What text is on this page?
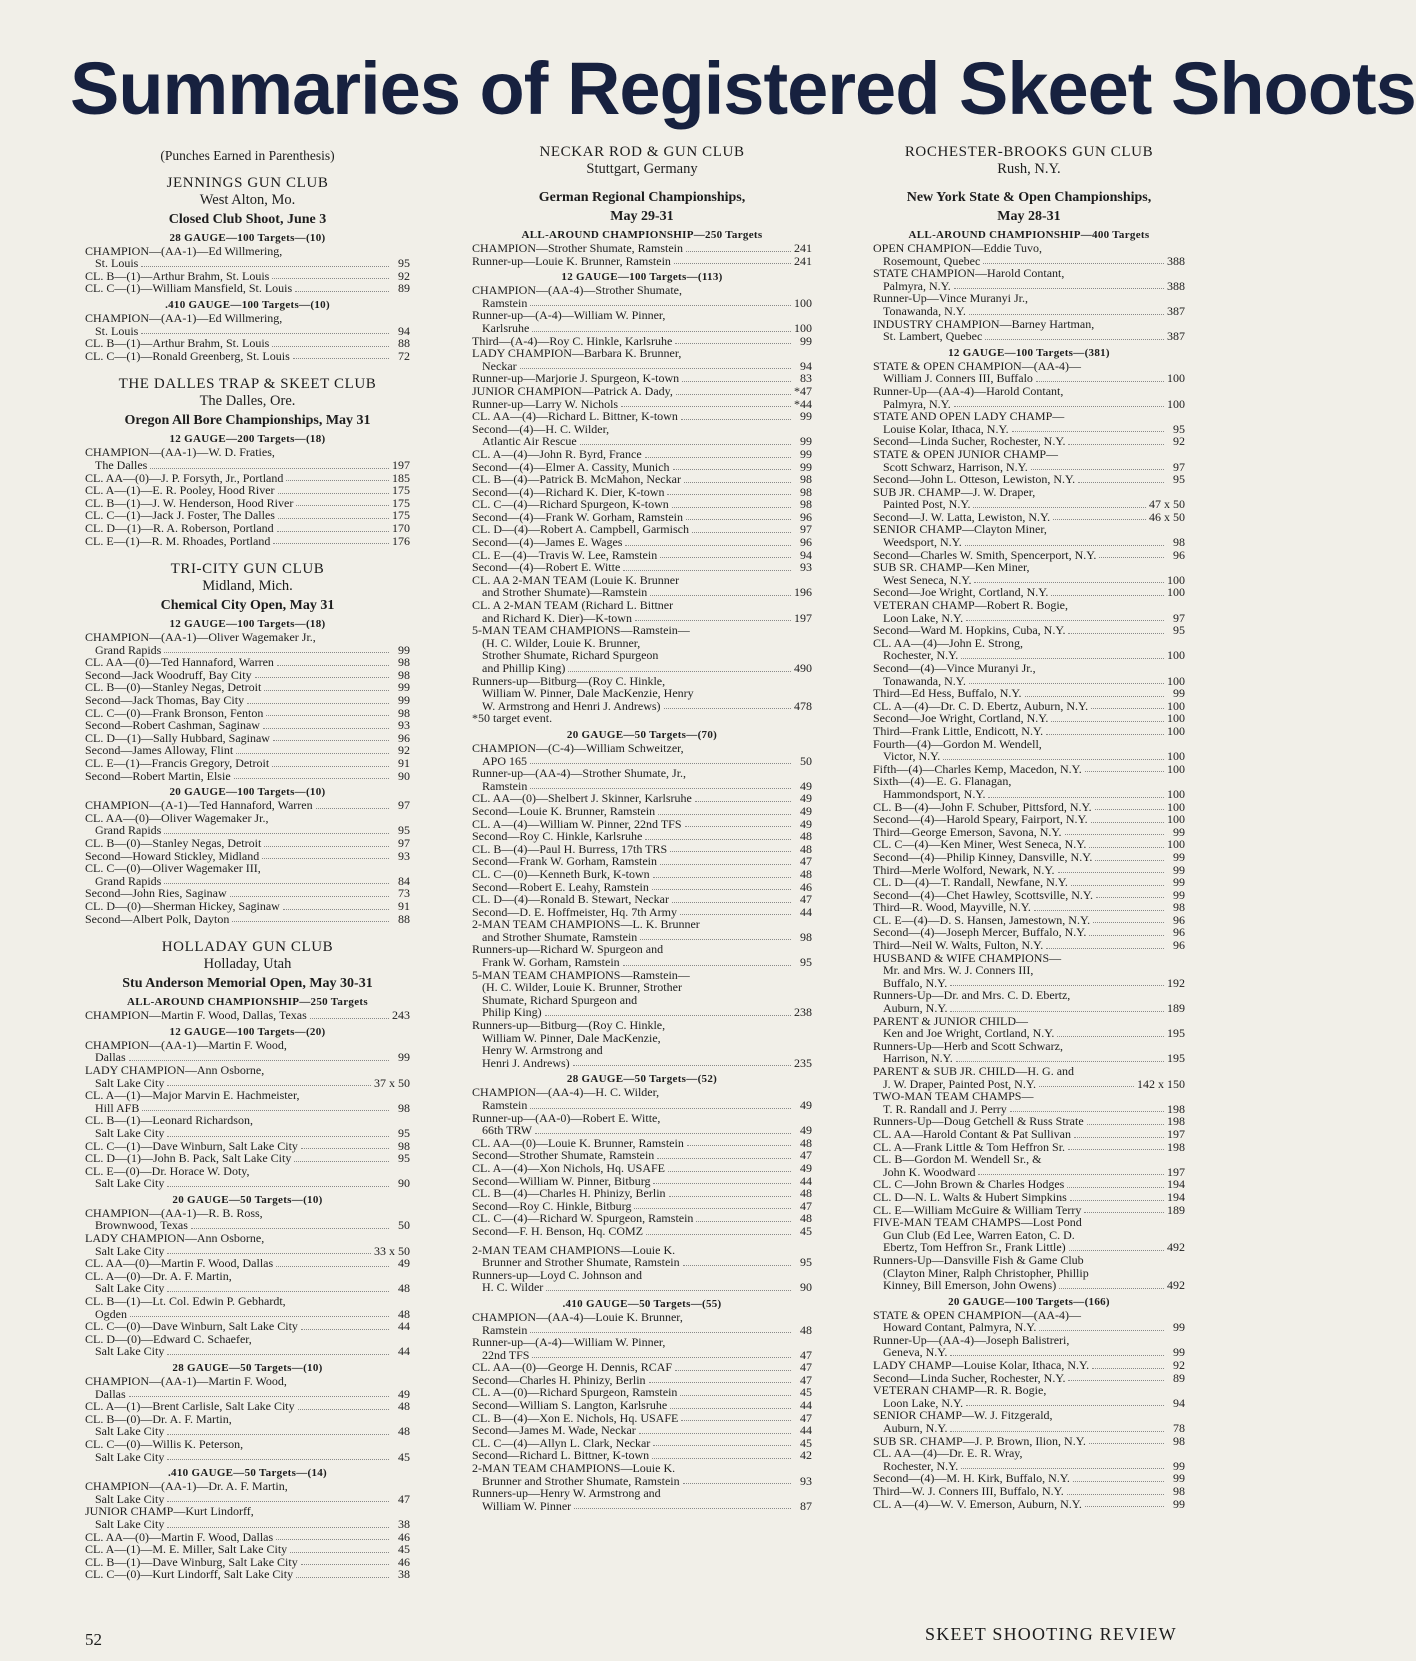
Summaries of Registered Skeet Shoots
(Punches Earned in Parenthesis)
JENNINGS GUN CLUB
West Alton, Mo.
Closed Club Shoot, June 3
28 GAUGE—100 Targets—(10)
CHAMPION—(AA-1)—Ed Willmering,
St. Louis	95
CL. B—(1)—Arthur Brahm, St. Louis	92
CL. C—(1)—William Mansfield, St. Louis	89
.410 GAUGE—100 Targets—(10)
CHAMPION—(AA-1)—Ed Willmering,
St. Louis	94
CL. B—(1)—Arthur Brahm, St. Louis	88
CL. C—(1)—Ronald Greenberg, St. Louis	72
THE DALLES TRAP & SKEET CLUB
The Dalles, Ore.
Oregon All Bore Championships, May 31
12 GAUGE—200 Targets—(18)
CHAMPION—(AA-1)—W. D. Fraties,
The Dalles	197
CL. AA—(0)—J. P. Forsyth, Jr., Portland	185
CL. A—(1)—E. R. Pooley, Hood River	175
CL. B—(1)—J. W. Henderson, Hood River	175
CL. C—(1)—Jack J. Foster, The Dalles	175
CL. D—(1)—R. A. Roberson, Portland	170
CL. E—(1)—R. M. Rhoades, Portland	176
TRI-CITY GUN CLUB
Midland, Mich.
Chemical City Open, May 31
12 GAUGE—100 Targets—(18)
CHAMPION—(AA-1)—Oliver Wagemaker Jr.,
Grand Rapids	99
CL. AA—(0)—Ted Hannaford, Warren	98
Second—Jack Woodruff, Bay City	98
CL. B—(0)—Stanley Negas, Detroit	99
Second—Jack Thomas, Bay City	99
CL. C—(0)—Frank Bronson, Fenton	98
Second—Robert Cashman, Saginaw	93
CL. D—(1)—Sally Hubbard, Saginaw	96
Second—James Alloway, Flint	92
CL. E—(1)—Francis Gregory, Detroit	91
Second—Robert Martin, Elsie	90
20 GAUGE—100 Targets—(10)
CHAMPION—(A-1)—Ted Hannaford, Warren	97
CL. AA—(0)—Oliver Wagemaker Jr.,
Grand Rapids	95
CL. B—(0)—Stanley Negas, Detroit	97
Second—Howard Stickley, Midland	93
CL. C—(0)—Oliver Wagemaker III,
Grand Rapids	84
Second—John Ries, Saginaw	73
CL. D—(0)—Sherman Hickey, Saginaw	91
Second—Albert Polk, Dayton	88
HOLLADAY GUN CLUB
Holladay, Utah
Stu Anderson Memorial Open, May 30-31
ALL-AROUND CHAMPIONSHIP—250 Targets
CHAMPION—Martin F. Wood, Dallas, Texas	243
12 GAUGE—100 Targets—(20)
CHAMPION—(AA-1)—Martin F. Wood,
Dallas	99
LADY CHAMPION—Ann Osborne,
Salt Lake City	37 x 50
CL. A—(1)—Major Marvin E. Hachmeister,
Hill AFB	98
CL. B—(1)—Leonard Richardson,
Salt Lake City	95
CL. C—(1)—Dave Winburn, Salt Lake City	98
CL. D—(1)—John B. Pack, Salt Lake City	95
CL. E—(0)—Dr. Horace W. Doty,
Salt Lake City	90
20 GAUGE—50 Targets—(10)
CHAMPION—(AA-1)—R. B. Ross,
Brownwood, Texas	50
LADY CHAMPION—Ann Osborne,
Salt Lake City	33 x 50
CL. AA—(0)—Martin F. Wood, Dallas	49
CL. A—(0)—Dr. A. F. Martin,
Salt Lake City	48
CL. B—(1)—Lt. Col. Edwin P. Gebhardt,
Ogden	48
CL. C—(0)—Dave Winburn, Salt Lake City	44
CL. D—(0)—Edward C. Schaefer,
Salt Lake City	44
28 GAUGE—50 Targets—(10)
CHAMPION—(AA-1)—Martin F. Wood,
Dallas	49
CL. A—(1)—Brent Carlisle, Salt Lake City	48
CL. B—(0)—Dr. A. F. Martin,
Salt Lake City	48
CL. C—(0)—Willis K. Peterson,
Salt Lake City	45
.410 GAUGE—50 Targets—(14)
CHAMPION—(AA-1)—Dr. A. F. Martin,
Salt Lake City	47
JUNIOR CHAMP—Kurt Lindorff,
Salt Lake City	38
CL. AA—(0)—Martin F. Wood, Dallas	46
CL. A—(1)—M. E. Miller, Salt Lake City	45
CL. B—(1)—Dave Winburg, Salt Lake City	46
CL. C—(0)—Kurt Lindorff, Salt Lake City	38
NECKAR ROD & GUN CLUB
Stuttgart, Germany
German Regional Championships,
May 29-31
ALL-AROUND CHAMPIONSHIP—250 Targets
CHAMPION—Strother Shumate, Ramstein	241
Runner-up—Louie K. Brunner, Ramstein	241
12 GAUGE—100 Targets—(113)
CHAMPION—(AA-4)—Strother Shumate,
Ramstein	100
Runner-up—(A-4)—William W. Pinner,
Karlsruhe	100
Third—(A-4)—Roy C. Hinkle, Karlsruhe	99
LADY CHAMPION—Barbara K. Brunner,
Neckar	94
Runner-up—Marjorie J. Spurgeon, K-town	83
JUNIOR CHAMPION—Patrick A. Dady,	*47
Runner-up—Larry W. Nichols	*44
CL. AA—(4)—Richard L. Bittner, K-town	99
Second—(4)—H. C. Wilder,
Atlantic Air Rescue	99
CL. A—(4)—John R. Byrd, France	99
Second—(4)—Elmer A. Cassity, Munich	99
CL. B—(4)—Patrick B. McMahon, Neckar	98
Second—(4)—Richard K. Dier, K-town	98
CL. C—(4)—Richard Spurgeon, K-town	98
Second—(4)—Frank W. Gorham, Ramstein	96
CL. D—(4)—Robert A. Campbell, Garmisch	97
Second—(4)—James E. Wages	96
CL. E—(4)—Travis W. Lee, Ramstein	94
Second—(4)—Robert E. Witte	93
CL. AA 2-MAN TEAM (Louie K. Brunner
and Strother Shumate)—Ramstein	196
CL. A 2-MAN TEAM (Richard L. Bittner
and Richard K. Dier)—K-town	197
5-MAN TEAM CHAMPIONS—Ramstein—
(H. C. Wilder, Louie K. Brunner,
Strother Shumate, Richard Spurgeon
and Phillip King)	490
Runners-up—Bitburg—(Roy C. Hinkle,
William W. Pinner, Dale MacKenzie, Henry
W. Armstrong and Henri J. Andrews)	478
*50 target event.
20 GAUGE—50 Targets—(70)
CHAMPION—(C-4)—William Schweitzer,
APO 165	50
Runner-up—(AA-4)—Strother Shumate, Jr.,
Ramstein	49
CL. AA—(0)—Shelbert J. Skinner, Karlsruhe	49
Second—Louie K. Brunner, Ramstein	49
CL. A—(4)—William W. Pinner, 22nd TFS	49
Second—Roy C. Hinkle, Karlsruhe	48
CL. B—(4)—Paul H. Burress, 17th TRS	48
Second—Frank W. Gorham, Ramstein	47
CL. C—(0)—Kenneth Burk, K-town	48
Second—Robert E. Leahy, Ramstein	46
CL. D—(4)—Ronald B. Stewart, Neckar	47
Second—D. E. Hoffmeister, Hq. 7th Army	44
2-MAN TEAM CHAMPIONS—L. K. Brunner
and Strother Shumate, Ramstein	98
Runners-up—Richard W. Spurgeon and
Frank W. Gorham, Ramstein	95
5-MAN TEAM CHAMPIONS—Ramstein—
(H. C. Wilder, Louie K. Brunner, Strother
Shumate, Richard Spurgeon and
Philip King)	238
Runners-up—Bitburg—(Roy C. Hinkle,
William W. Pinner, Dale MacKenzie,
Henry W. Armstrong and
Henri J. Andrews)	235
28 GAUGE—50 Targets—(52)
CHAMPION—(AA-4)—H. C. Wilder,
Ramstein	49
Runner-up—(AA-0)—Robert E. Witte,
66th TRW	49
CL. AA—(0)—Louie K. Brunner, Ramstein	48
Second—Strother Shumate, Ramstein	47
CL. A—(4)—Xon Nichols, Hq. USAFE	49
Second—William W. Pinner, Bitburg	44
CL. B—(4)—Charles H. Phinizy, Berlin	48
Second—Roy C. Hinkle, Bitburg	47
CL. C—(4)—Richard W. Spurgeon, Ramstein	48
Second—F. H. Benson, Hq. COMZ	45
2-MAN TEAM CHAMPIONS—Louie K.
Brunner and Strother Shumate, Ramstein	95
Runners-up—Loyd C. Johnson and
H. C. Wilder	90
.410 GAUGE—50 Targets—(55)
CHAMPION—(AA-4)—Louie K. Brunner,
Ramstein	48
Runner-up—(A-4)—William W. Pinner,
22nd TFS	47
CL. AA—(0)—George H. Dennis, RCAF	47
Second—Charles H. Phinizy, Berlin	47
CL. A—(0)—Richard Spurgeon, Ramstein	45
Second—William S. Langton, Karlsruhe	44
CL. B—(4)—Xon E. Nichols, Hq. USAFE	47
Second—James M. Wade, Neckar	44
CL. C—(4)—Allyn L. Clark, Neckar	45
Second—Richard L. Bittner, K-town	42
2-MAN TEAM CHAMPIONS—Louie K.
Brunner and Strother Shumate, Ramstein	93
Runners-up—Henry W. Armstrong and
William W. Pinner	87
ROCHESTER-BROOKS GUN CLUB
Rush, N.Y.
New York State & Open Championships,
May 28-31
ALL-AROUND CHAMPIONSHIP—400 Targets
OPEN CHAMPION—Eddie Tuvo,
Rosemount, Quebec	388
STATE CHAMPION—Harold Contant,
Palmyra, N.Y.	388
Runner-Up—Vince Muranyi Jr.,
Tonawanda, N.Y.	387
INDUSTRY CHAMPION—Barney Hartman,
St. Lambert, Quebec	387
12 GAUGE—100 Targets—(381)
STATE & OPEN CHAMPION—(AA-4)—
William J. Conners III, Buffalo	100
Runner-Up—(AA-4)—Harold Contant,
Palmyra, N.Y.	100
STATE AND OPEN LADY CHAMP—
Louise Kolar, Ithaca, N.Y.	95
Second—Linda Sucher, Rochester, N.Y.	92
STATE & OPEN JUNIOR CHAMP—
Scott Schwarz, Harrison, N.Y.	97
Second—John L. Otteson, Lewiston, N.Y.	95
SUB JR. CHAMP—J. W. Draper,
Painted Post, N.Y.	47 x 50
Second—J. W. Latta, Lewiston, N.Y.	46 x 50
SENIOR CHAMP—Clayton Miner,
Weedsport, N.Y.	98
Second—Charles W. Smith, Spencerport, N.Y.	96
SUB SR. CHAMP—Ken Miner,
West Seneca, N.Y.	100
Second—Joe Wright, Cortland, N.Y.	100
VETERAN CHAMP—Robert R. Bogie,
Loon Lake, N.Y.	97
Second—Ward M. Hopkins, Cuba, N.Y.	95
CL. AA—(4)—John E. Strong,
Rochester, N.Y.	100
Second—(4)—Vince Muranyi Jr.,
Tonawanda, N.Y.	100
Third—Ed Hess, Buffalo, N.Y.	99
CL. A—(4)—Dr. C. D. Ebertz, Auburn, N.Y.	100
Second—Joe Wright, Cortland, N.Y.	100
Third—Frank Little, Endicott, N.Y.	100
Fourth—(4)—Gordon M. Wendell,
Victor, N.Y.	100
Fifth—(4)—Charles Kemp, Macedon, N.Y.	100
Sixth—(4)—E. G. Flanagan,
Hammondsport, N.Y.	100
CL. B—(4)—John F. Schuber, Pittsford, N.Y.	100
Second—(4)—Harold Speary, Fairport, N.Y.	100
Third—George Emerson, Savona, N.Y.	99
CL. C—(4)—Ken Miner, West Seneca, N.Y.	100
Second—(4)—Philip Kinney, Dansville, N.Y.	99
Third—Merle Wolford, Newark, N.Y.	99
CL. D—(4)—T. Randall, Newfane, N.Y.	99
Second—(4)—Chet Hawley, Scottsville, N.Y.	99
Third—R. Wood, Mayville, N.Y.	98
CL. E—(4)—D. S. Hansen, Jamestown, N.Y.	96
Second—(4)—Joseph Mercer, Buffalo, N.Y.	96
Third—Neil W. Walts, Fulton, N.Y.	96
HUSBAND & WIFE CHAMPIONS—
Mr. and Mrs. W. J. Conners III,
Buffalo, N.Y.	192
Runners-Up—Dr. and Mrs. C. D. Ebertz,
Auburn, N.Y.	189
PARENT & JUNIOR CHILD—
Ken and Joe Wright, Cortland, N.Y.	195
Runners-Up—Herb and Scott Schwarz,
Harrison, N.Y.	195
PARENT & SUB JR. CHILD—H. G. and
J. W. Draper, Painted Post, N.Y.	142 x 150
TWO-MAN TEAM CHAMPS—
T. R. Randall and J. Perry	198
Runners-Up—Doug Getchell & Russ Strate	198
CL. AA—Harold Contant & Pat Sullivan	197
CL. A—Frank Little & Tom Heffron Sr.	198
CL. B—Gordon M. Wendell Sr., &
John K. Woodward	197
CL. C—John Brown & Charles Hodges	194
CL. D—N. L. Walts & Hubert Simpkins	194
CL. E—William McGuire & William Terry	189
FIVE-MAN TEAM CHAMPS—Lost Pond
Gun Club (Ed Lee, Warren Eaton, C. D.
Ebertz, Tom Heffron Sr., Frank Little)	492
Runners-Up—Dansville Fish & Game Club
(Clayton Miner, Ralph Christopher, Phillip
Kinney, Bill Emerson, John Owens)	492
20 GAUGE—100 Targets—(166)
STATE & OPEN CHAMPION—(AA-4)—
Howard Contant, Palmyra, N.Y.	99
Runner-Up—(AA-4)—Joseph Balistreri,
Geneva, N.Y.	99
LADY CHAMP—Louise Kolar, Ithaca, N.Y.	92
Second—Linda Sucher, Rochester, N.Y.	89
VETERAN CHAMP—R. R. Bogie,
Loon Lake, N.Y.	94
SENIOR CHAMP—W. J. Fitzgerald,
Auburn, N.Y.	78
SUB SR. CHAMP—J. P. Brown, Ilion, N.Y.	98
CL. AA—(4)—Dr. E. R. Wray,
Rochester, N.Y.	99
Second—(4)—M. H. Kirk, Buffalo, N.Y.	99
Third—W. J. Conners III, Buffalo, N.Y.	98
CL. A—(4)—W. V. Emerson, Auburn, N.Y.	99
52	SKEET SHOOTING REVIEW
